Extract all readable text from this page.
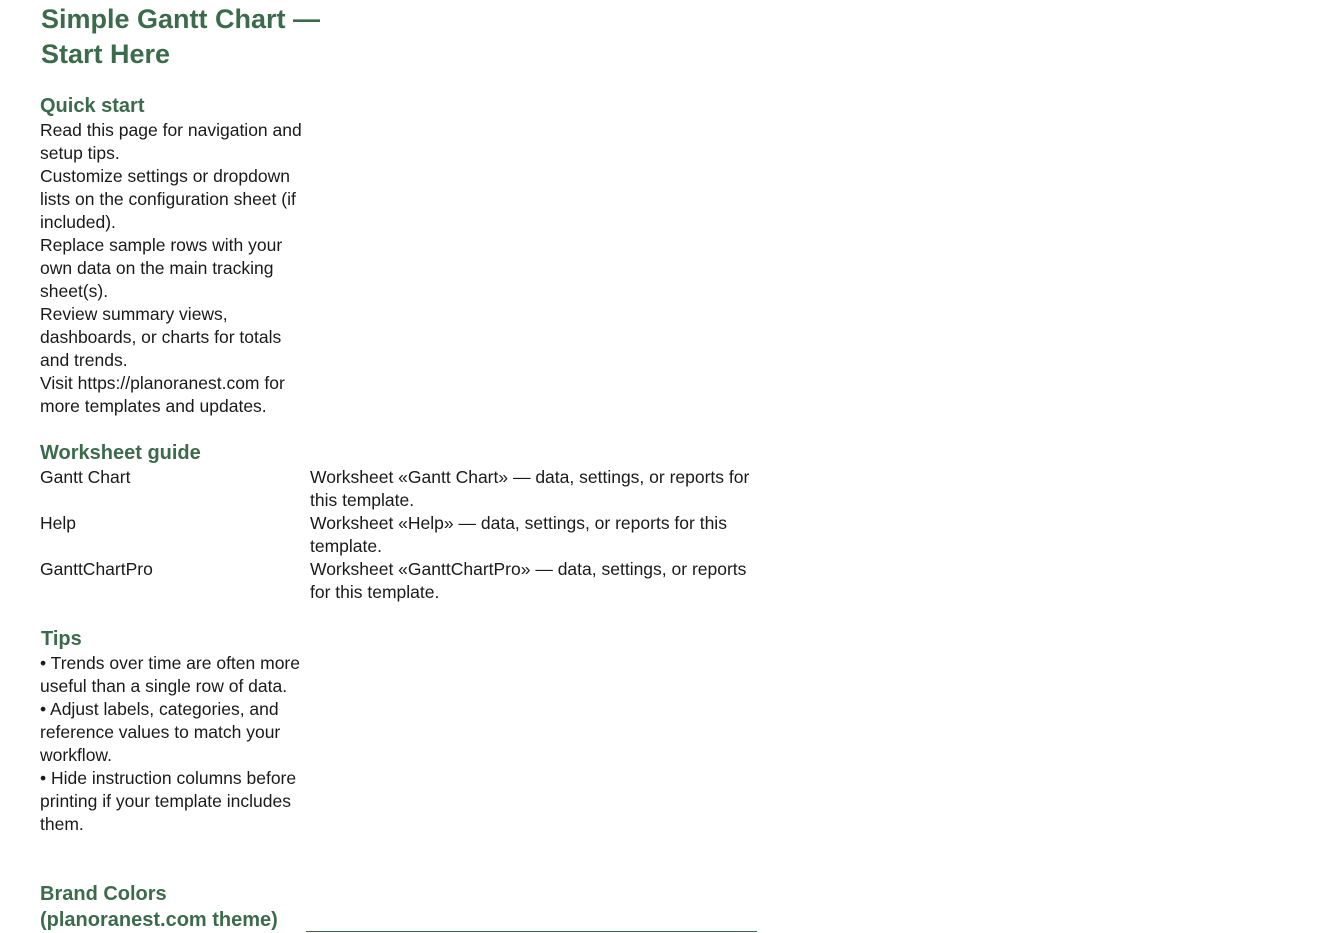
Simple Gantt Chart — Start Here
Quick start

Read this page for navigation and setup tips.

Customize settings or dropdown lists on the configuration sheet (if included).

Replace sample rows with your own data on the main tracking sheet(s).

Review summary views, dashboards, or charts for totals and trends.

Visit https://planoranest.com for more templates and updates.

Worksheet guide
Gantt Chart	Worksheet «Gantt Chart» — data, settings, or reports for this template.
Help	Worksheet «Help» — data, settings, or reports for this template.
GanttChartPro	Worksheet «GanttChartPro» — data, settings, or reports for this template.
Tips

• Trends over time are often more useful than a single row of data.

• Adjust labels, categories, and reference values to match your workflow.

• Hide instruction columns before printing if your template includes them.

Brand Colors (planoranest.com theme)
